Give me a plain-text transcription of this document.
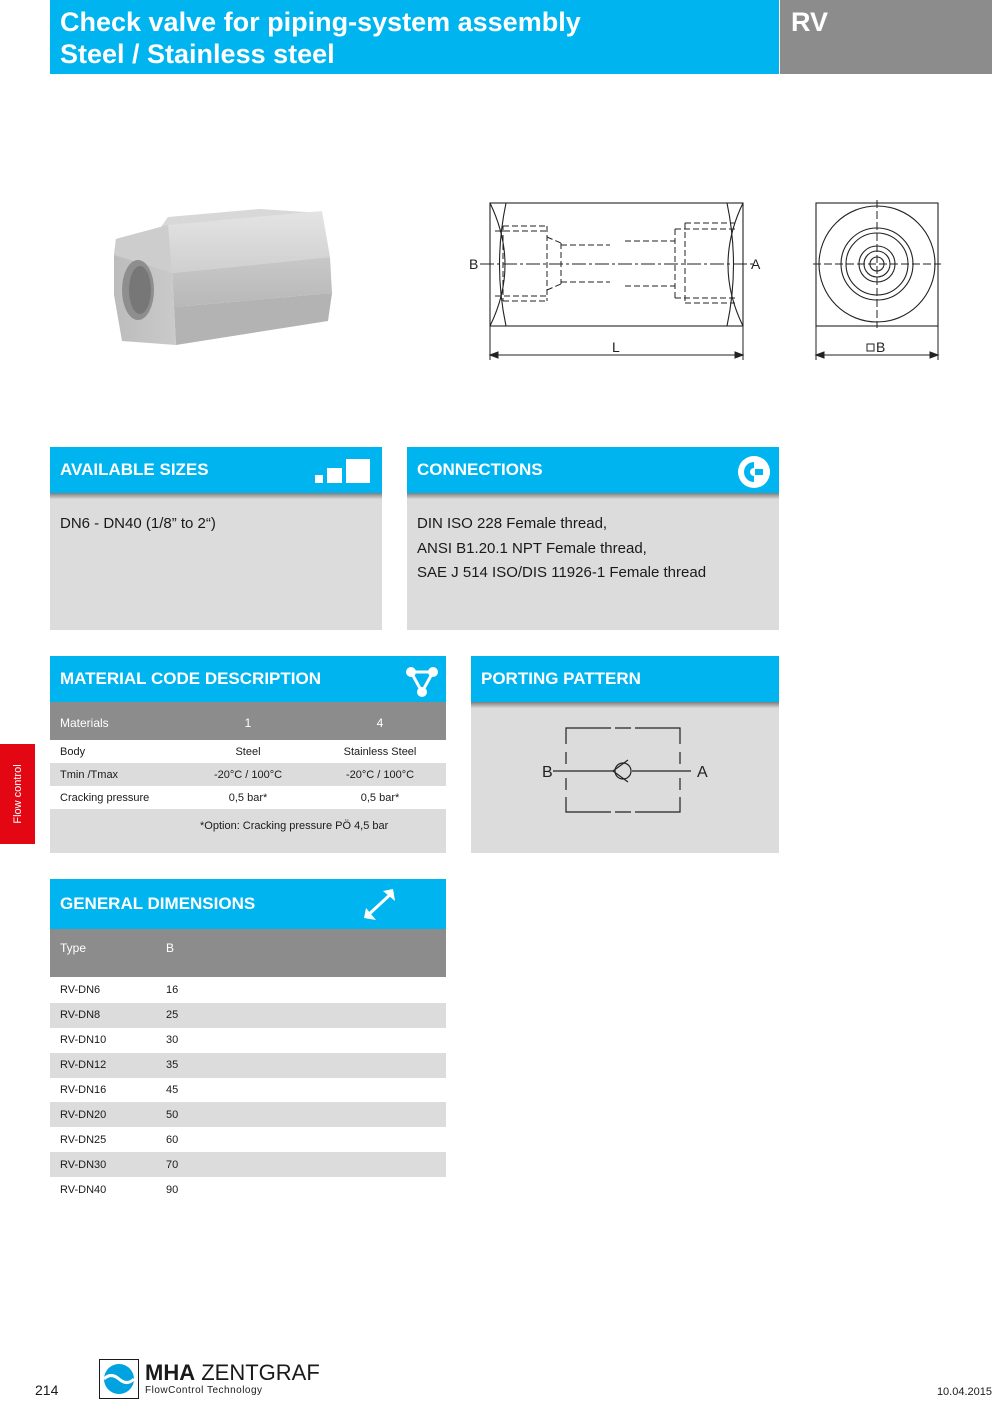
Check valve for piping-system assembly
Steel / Stainless steel
RV
B	A
L	B
AVAILABLE SIZES
DN6 - DN40 (1/8” to 2“)
CONNECTIONS
DIN ISO 228 Female thread,
ANSI B1.20.1 NPT Female thread,
SAE J 514 ISO/DIS 11926-1 Female thread
MATERIAL CODE DESCRIPTION
Materials	1	4
Body	Steel	Stainless Steel
Tmin /Tmax	-20°C / 100°C	-20°C / 100°C
Cracking pressure	0,5 bar*	0,5 bar*
*Option: Cracking pressure PÖ 4,5 bar
PORTING PATTERN
B	A
GENERAL DIMENSIONS
Type	B
RV-DN6	16
RV-DN8	25
RV-DN10	30
RV-DN12	35
RV-DN16	45
RV-DN20	50
RV-DN25	60
RV-DN30	70
RV-DN40	90
Flow control
214
MHA ZENTGRAF
FlowControl Technology	10.04.2015
